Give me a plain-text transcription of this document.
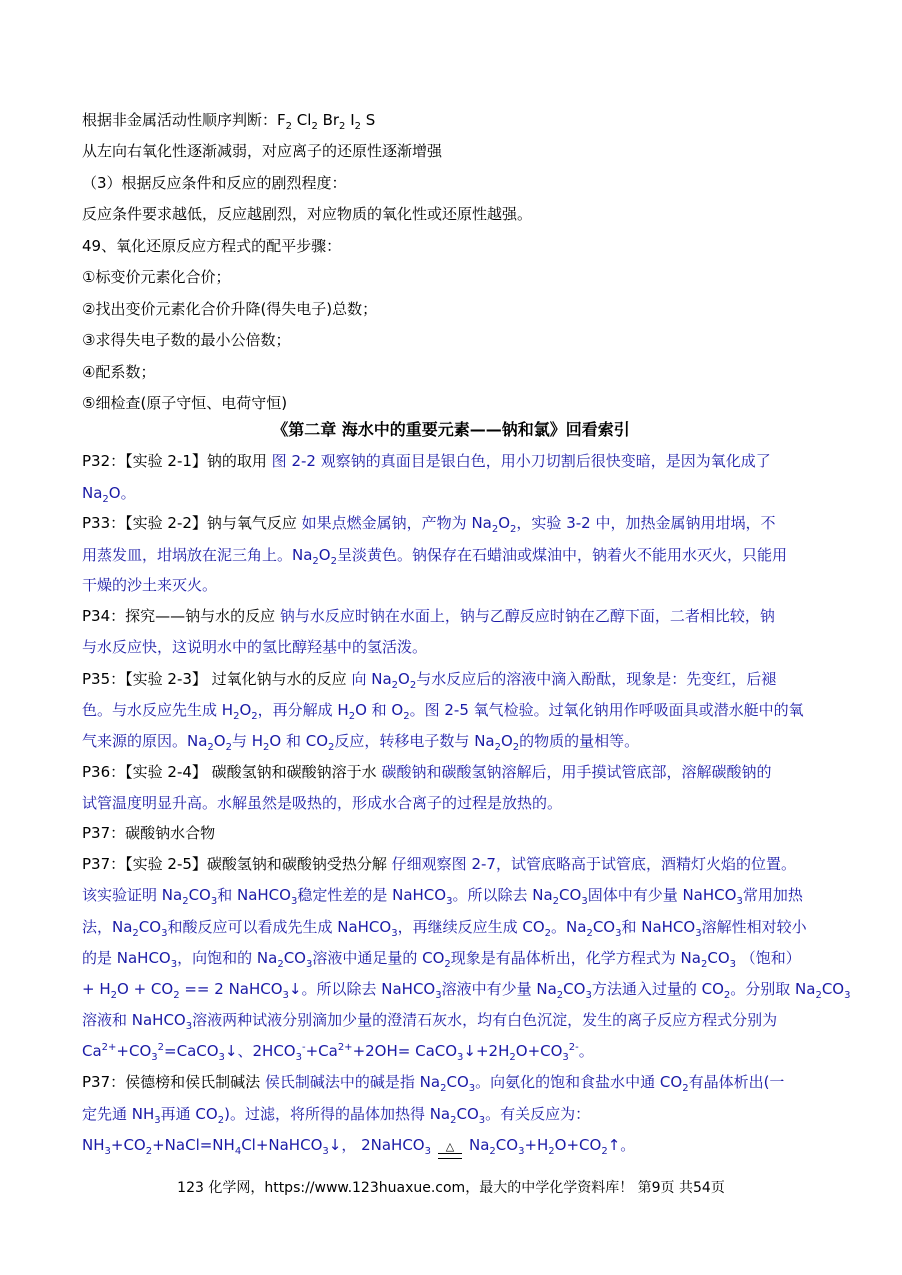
根据非金属活动性顺序判断：$F_2$ $Cl_2$ $Br_2$ $I_2$ S
从左向右氧化性逐渐减弱，对应离子的还原性逐渐增强
（3）根据反应条件和反应的剧烈程度：
反应条件要求越低，反应越剧烈，对应物质的氧化性或还原性越强。
49、氧化还原反应方程式的配平步骤：
①标变价元素化合价；
②找出变价元素化合价升降(得失电子)总数；
③求得失电子数的最小公倍数；
④配系数；
⑤细检查(原子守恒、电荷守恒)
《第二章 海水中的重要元素——钠和氯》回看索引
P32：【实验 2-1】钠的取用 图 2-2 观察钠的真面目是银白色，用小刀切割后很快变暗，是因为氧化成了
$Na_2O$。
P33：【实验 2-2】钠与氧气反应 如果点燃金属钠，产物为 $Na_2O_2$，实验 3-2 中，加热金属钠用坩埚，不
用蒸发皿，坩埚放在泥三角上。$Na_2O_2$呈淡黄色。钠保存在石蜡油或煤油中，钠着火不能用水灭火，只能用
干燥的沙土来灭火。
P34：探究——钠与水的反应 钠与水反应时钠在水面上，钠与乙醇反应时钠在乙醇下面，二者相比较，钠
与水反应快，这说明水中的氢比醇羟基中的氢活泼。
P35：【实验 2-3】 过氧化钠与水的反应 向 $Na_2O_2$与水反应后的溶液中滴入酚酞，现象是：先变红，后褪
色。与水反应先生成 $H_2O_2$，再分解成 $H_2O$ 和 $O_2$。图 2-5 氧气检验。过氧化钠用作呼吸面具或潜水艇中的氧
气来源的原因。$Na_2O_2$与 $H_2O$ 和 $CO_2$反应，转移电子数与 $Na_2O_2$的物质的量相等。
P36：【实验 2-4】 碳酸氢钠和碳酸钠溶于水 碳酸钠和碳酸氢钠溶解后，用手摸试管底部，溶解碳酸钠的
试管温度明显升高。水解虽然是吸热的，形成水合离子的过程是放热的。
P37：碳酸钠水合物
P37：【实验 2-5】碳酸氢钠和碳酸钠受热分解 仔细观察图 2-7，试管底略高于试管底，酒精灯火焰的位置。
该实验证明 $Na_2CO_3$和 NaHCO$_3$稳定性差的是 NaHCO$_3$。所以除去 $Na_2CO_3$固体中有少量 NaHCO$_3$常用加热
法，$Na_2CO_3$和酸反应可以看成先生成 NaHCO$_3$，再继续反应生成 $CO_2$。$Na_2CO_3$和 NaHCO$_3$溶解性相对较小
的是 NaHCO$_3$，向饱和的 $Na_2CO_3$溶液中通足量的 $CO_2$现象是有晶体析出，化学方程式为 $Na_2CO_3$ （饱和）
+ $H_2O + CO_2 == 2$ NaHCO$_3$↓。所以除去 NaHCO$_3$溶液中有少量 $Na_2CO_3$方法通入过量的 $CO_2$。分别取 $Na_2CO_3$
溶液和 NaHCO$_3$溶液两种试液分别滴加少量的澄清石灰水，均有白色沉淀，发生的离子反应方程式分别为
$Ca^{2+}+CO_3^2=CaCO_3↓$、$2HCO_3^-+Ca^{2+}+2OH=$ $CaCO_3↓+2H_2O+CO_3^{2-}$。
P37：侯德榜和侯氏制碱法 侯氏制碱法中的碱是指 $Na_2CO_3$。向氨化的饱和食盐水中通 $CO_2$有晶体析出(一
定先通 $NH_3$再通 $CO_2$)。过滤，将所得的晶体加热得 $Na_2CO_3$。有关反应为：
$NH_3+CO_2+NaCl=NH_4Cl+NaHCO_3↓$， 2NaHCO$_3$ △ $Na_2CO_3+H_2O+CO_2↑$。
123 化学网，https://www.123huaxue.com，最大的中学化学资料库！ 第9页 共54页
